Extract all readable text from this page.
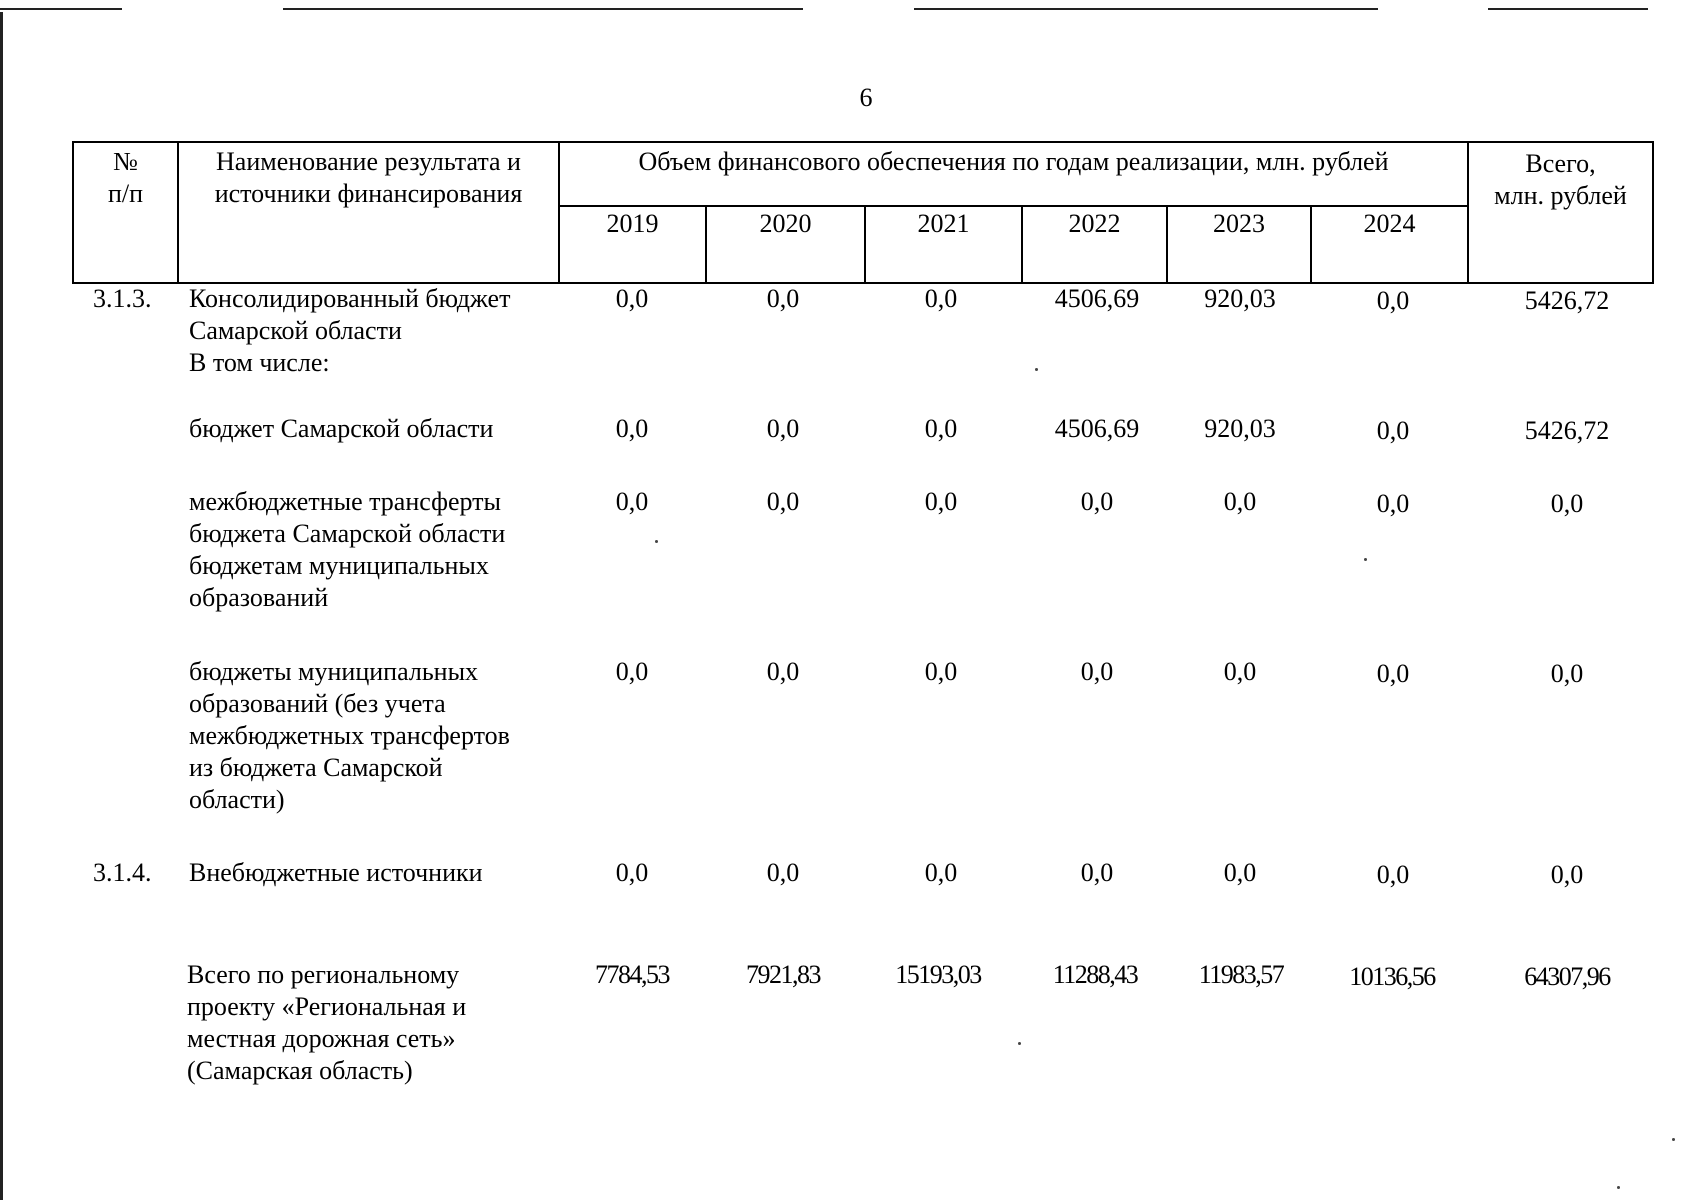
6
№
п/п
Наименование результата и
источники финансирования
Объем финансового обеспечения по годам реализации, млн. рублей	Всего,
млн. рублей
2019	2020	2021	2022	2023	2024
3.1.3. Консолидированный бюджет
Самарской области
В том числе:
0,0	0,0	0,0	4506,69	920,03	0,0	5426,72
бюджет Самарской области	0,0	0,0	0,0	4506,69	920,03	0,0	5426,72
межбюджетные трансферты
бюджета Самарской области
бюджетам муниципальных
образований
0,0	0,0	0,0	0,0	0,0	0,0	0,0
бюджеты муниципальных
образований (без учета
межбюджетных трансфертов
из бюджета Самарской
области)
0,0	0,0	0,0	0,0	0,0	0,0	0,0
3.1.4. Внебюджетные источники	0,0	0,0	0,0	0,0	0,0	0,0	0,0
Всего по региональному
проекту «Региональная и
местная дорожная сеть»
(Самарская область)
7784,53	7921,83	15193,03	11288,43	11983,57	10136,56	64307,96
